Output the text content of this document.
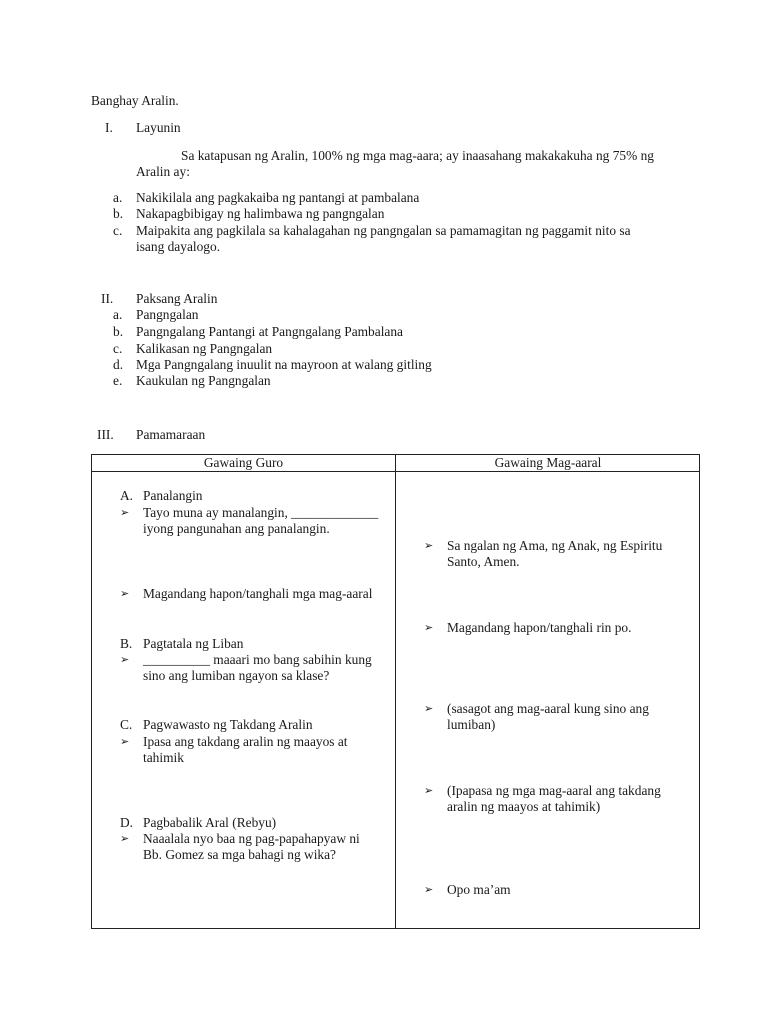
Banghay Aralin.
I. Layunin
Sa katapusan ng Aralin, 100% ng mga mag-aara; ay inaasahang makakakuha ng 75% ng
Aralin ay:
a. Nakikilala ang pagkakaiba ng pantangi at pambalana
b. Nakapagbibigay ng halimbawa ng pangngalan
c. Maipakita ang pagkilala sa kahalagahan ng pangngalan sa pamamagitan ng paggamit nito sa
isang dayalogo.
II. Paksang Aralin
a. Pangngalan
b. Pangngalang Pantangi at Pangngalang Pambalana
c. Kalikasan ng Pangngalan
d. Mga Pangngalang inuulit na mayroon at walang gitling
e. Kaukulan ng Pangngalan
III. Pamamaraan
Gawaing Guro	Gawaing Mag-aaral
A. Panalangin
➢ Tayo muna ay manalangin, _____________
iyong pangunahan ang panalangin.
➢ Magandang hapon/tanghali mga mag-aaral
B. Pagtatala ng Liban
➢ __________ maaari mo bang sabihin kung
sino ang lumiban ngayon sa klase?
C. Pagwawasto ng Takdang Aralin
➢ Ipasa ang takdang aralin ng maayos at
tahimik
D. Pagbabalik Aral (Rebyu)
➢ Naaalala nyo baa ng pag-papahapyaw ni
Bb. Gomez sa mga bahagi ng wika?
➢ Sa ngalan ng Ama, ng Anak, ng Espiritu
Santo, Amen.
➢ Magandang hapon/tanghali rin po.
➢ (sasagot ang mag-aaral kung sino ang
lumiban)
➢ (Ipapasa ng mga mag-aaral ang takdang
aralin ng maayos at tahimik)
➢ Opo ma’am
